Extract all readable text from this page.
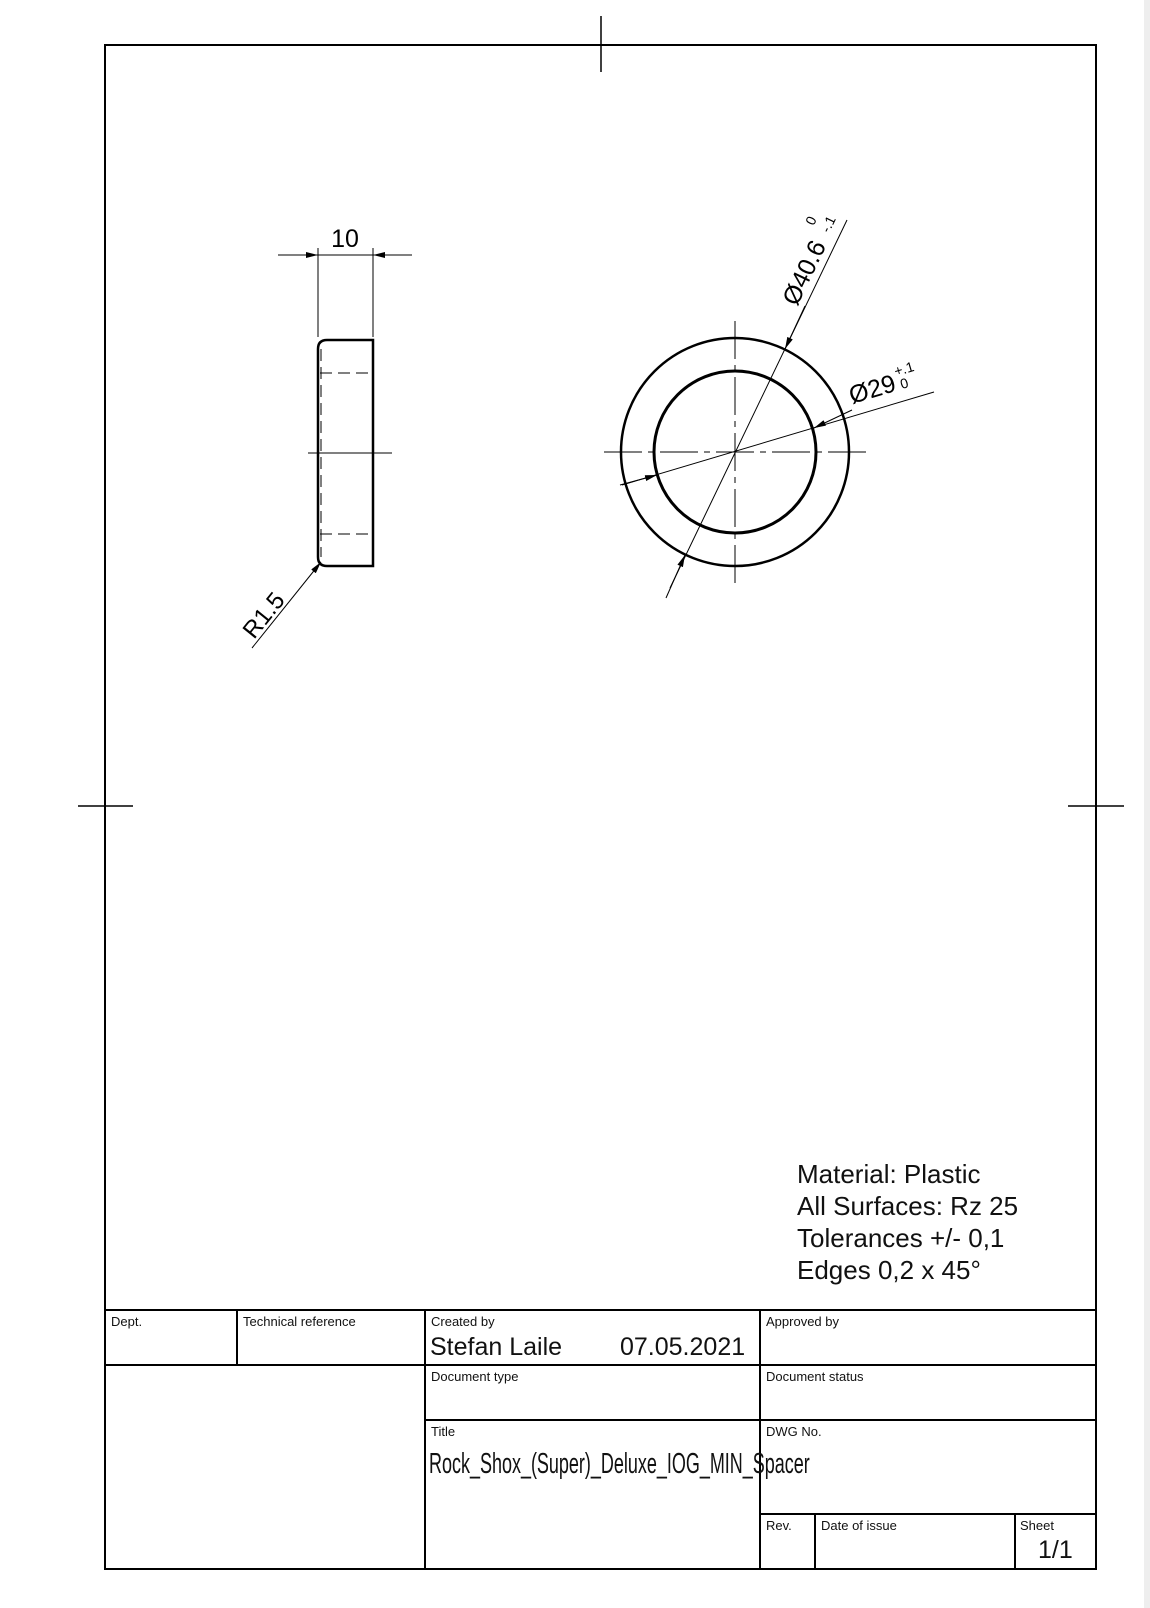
10
R1.5
Ø40.6 0 -.1
Ø29 +.1 0
Material: Plastic
All Surfaces: Rz 25
Tolerances +/- 0,1
Edges 0,2 x 45°
Dept.	Technical reference	Created by
Stefan Laile 07.05.2021
Approved by
Document type	Document status
Title
Rock_Shox_(Super)_Deluxe_IOG_MIN_Spacer
DWG No.
Rev. Date of issue	Sheet
1/1
